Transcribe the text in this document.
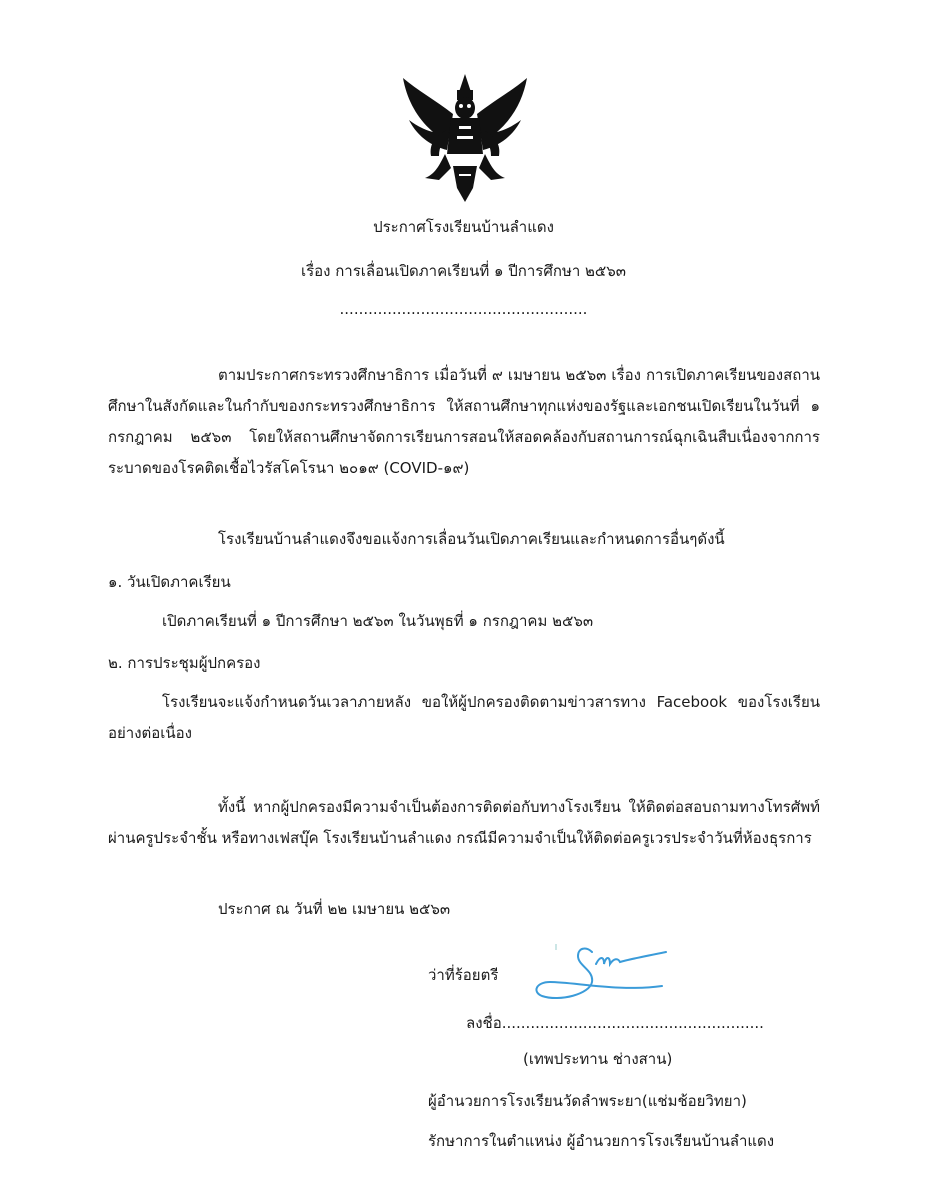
ประกาศโรงเรียนบ้านลำแดง
เรื่อง การเลื่อนเปิดภาคเรียนที่ ๑ ปีการศึกษา ๒๕๖๓
....................................................
ตามประกาศกระทรวงศึกษาธิการ เมื่อวันที่ ๙ เมษายน ๒๕๖๓ เรื่อง การเปิดภาคเรียนของสถานศึกษาในสังกัดและในกำกับของกระทรวงศึกษาธิการ ให้สถานศึกษาทุกแห่งของรัฐและเอกชนเปิดเรียนในวันที่ ๑ กรกฎาคม ๒๕๖๓ โดยให้สถานศึกษาจัดการเรียนการสอนให้สอดคล้องกับสถานการณ์ฉุกเฉินสืบเนื่องจากการระบาดของโรคติดเชื้อไวรัสโคโรนา ๒๐๑๙ (COVID-๑๙)
โรงเรียนบ้านลำแดงจึงขอแจ้งการเลื่อนวันเปิดภาคเรียนและกำหนดการอื่นๆดังนี้
๑. วันเปิดภาคเรียน
เปิดภาคเรียนที่ ๑ ปีการศึกษา ๒๕๖๓ ในวันพุธที่ ๑ กรกฎาคม ๒๕๖๓
๒. การประชุมผู้ปกครอง
โรงเรียนจะแจ้งกำหนดวันเวลาภายหลัง ขอให้ผู้ปกครองติดตามข่าวสารทาง Facebook ของโรงเรียนอย่างต่อเนื่อง
ทั้งนี้ หากผู้ปกครองมีความจำเป็นต้องการติดต่อกับทางโรงเรียน ให้ติดต่อสอบถามทางโทรศัพท์ผ่านครูประจำชั้น หรือทางเฟสบุ๊ค โรงเรียนบ้านลำแดง กรณีมีความจำเป็นให้ติดต่อครูเวรประจำวันที่ห้องธุรการ
ประกาศ ณ วันที่ ๒๒ เมษายน ๒๕๖๓
ว่าที่ร้อยตรี
ลงชื่อ.......................................................
(เทพประทาน ช่างสาน)
ผู้อำนวยการโรงเรียนวัดลำพระยา(แช่มช้อยวิทยา)
รักษาการในตำแหน่ง ผู้อำนวยการโรงเรียนบ้านลำแดง
